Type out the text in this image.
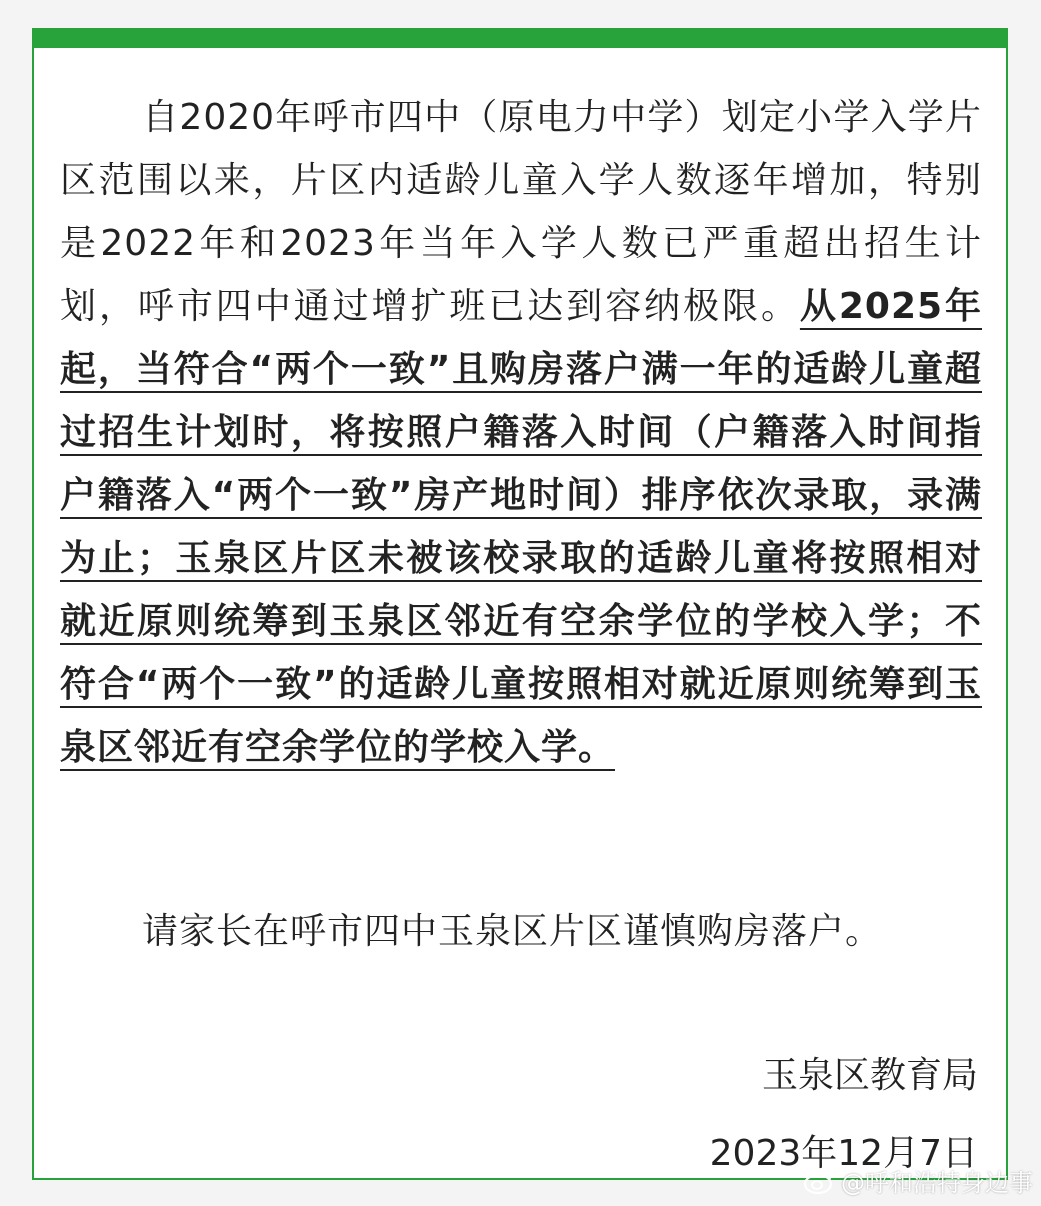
自2020年呼市四中（原电力中学）划定小学入学片区范围以来，片区内适龄儿童入学人数逐年增加，特别是2022年和2023年当年入学人数已严重超出招生计划，呼市四中通过增扩班已达到容纳极限。从2025年起，当符合“两个一致”且购房落户满一年的适龄儿童超过招生计划时，将按照户籍落入时间（户籍落入时间指户籍落入“两个一致”房产地时间）排序依次录取，录满为止；玉泉区片区未被该校录取的适龄儿童将按照相对就近原则统筹到玉泉区邻近有空余学位的学校入学；不符合“两个一致”的适龄儿童按照相对就近原则统筹到玉泉区邻近有空余学位的学校入学。

请家长在呼市四中玉泉区片区谨慎购房落户。

玉泉区教育局

2023年12月7日

@呼和浩特身边事
